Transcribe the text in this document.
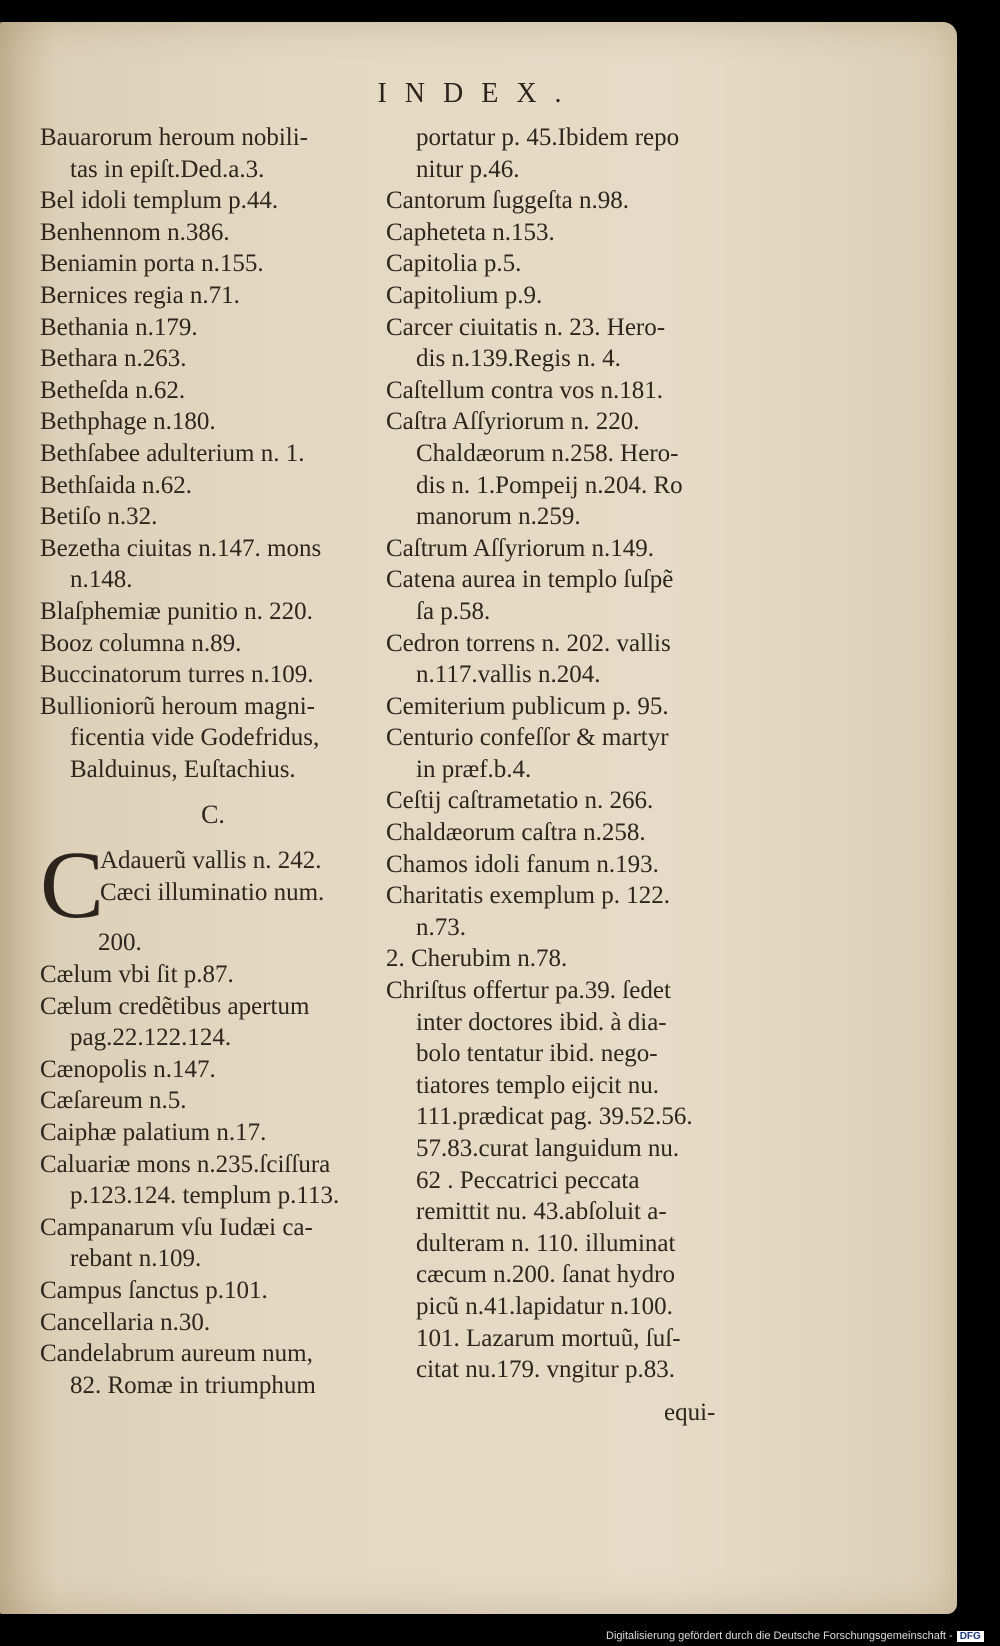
INDEX.
Bauarorum heroum nobili-
tas in epiſt.Ded.a.3.
Bel idoli templum p.44.
Benhennom n.386.
Beniamin porta n.155.
Bernices regia n.71.
Bethania n.179.
Bethara n.263.
Betheſda n.62.
Bethphage n.180.
Bethſabee adulterium n. 1.
Bethſaida n.62.
Betiſo n.32.
Bezetha ciuitas n.147. mons
n.148.
Blaſphemiæ punitio n. 220.
Booz columna n.89.
Buccinatorum turres n.109.
Bullioniorũ heroum magni-
ficentia vide Godefridus,
Balduinus, Euſtachius.
C.
C
Adauerũ vallis n. 242.
Cæci illuminatio num.
200.
Cælum vbi ſit p.87.
Cælum credẽtibus apertum
pag.22.122.124.
Cænopolis n.147.
Cæſareum n.5.
Caiphæ palatium n.17.
Caluariæ mons n.235.ſciſſura
p.123.124. templum p.113.
Campanarum vſu Iudæi ca-
rebant n.109.
Campus ſanctus p.101.
Cancellaria n.30.
Candelabrum aureum num,
82. Romæ in triumphum
portatur p. 45.Ibidem repo
nitur p.46.
Cantorum ſuggeſta n.98.
Capheteta n.153.
Capitolia p.5.
Capitolium p.9.
Carcer ciuitatis n. 23. Hero-
dis n.139.Regis n. 4.
Caſtellum contra vos n.181.
Caſtra Aſſyriorum n. 220.
Chaldæorum n.258. Hero-
dis n. 1.Pompeij n.204. Ro
manorum n.259.
Caſtrum Aſſyriorum n.149.
Catena aurea in templo ſuſpẽ
ſa p.58.
Cedron torrens n. 202. vallis
n.117.vallis n.204.
Cemiterium publicum p. 95.
Centurio confeſſor & martyr
in præf.b.4.
Ceſtij caſtrametatio n. 266.
Chaldæorum caſtra n.258.
Chamos idoli fanum n.193.
Charitatis exemplum p. 122.
n.73.
2. Cherubim n.78.
Chriſtus offertur pa.39. ſedet
inter doctores ibid. à dia-
bolo tentatur ibid. nego-
tiatores templo eijcit nu.
111.prædicat pag. 39.52.56.
57.83.curat languidum nu.
62 . Peccatrici peccata
remittit nu. 43.abſoluit a-
dulteram n. 110. illuminat
cæcum n.200. ſanat hydro
picũ n.41.lapidatur n.100.
101. Lazarum mortuũ, ſuſ-
citat nu.179. vngitur p.83.
equi-
Digitalisierung gefördert durch die Deutsche Forschungsgemeinschaft - DFG
